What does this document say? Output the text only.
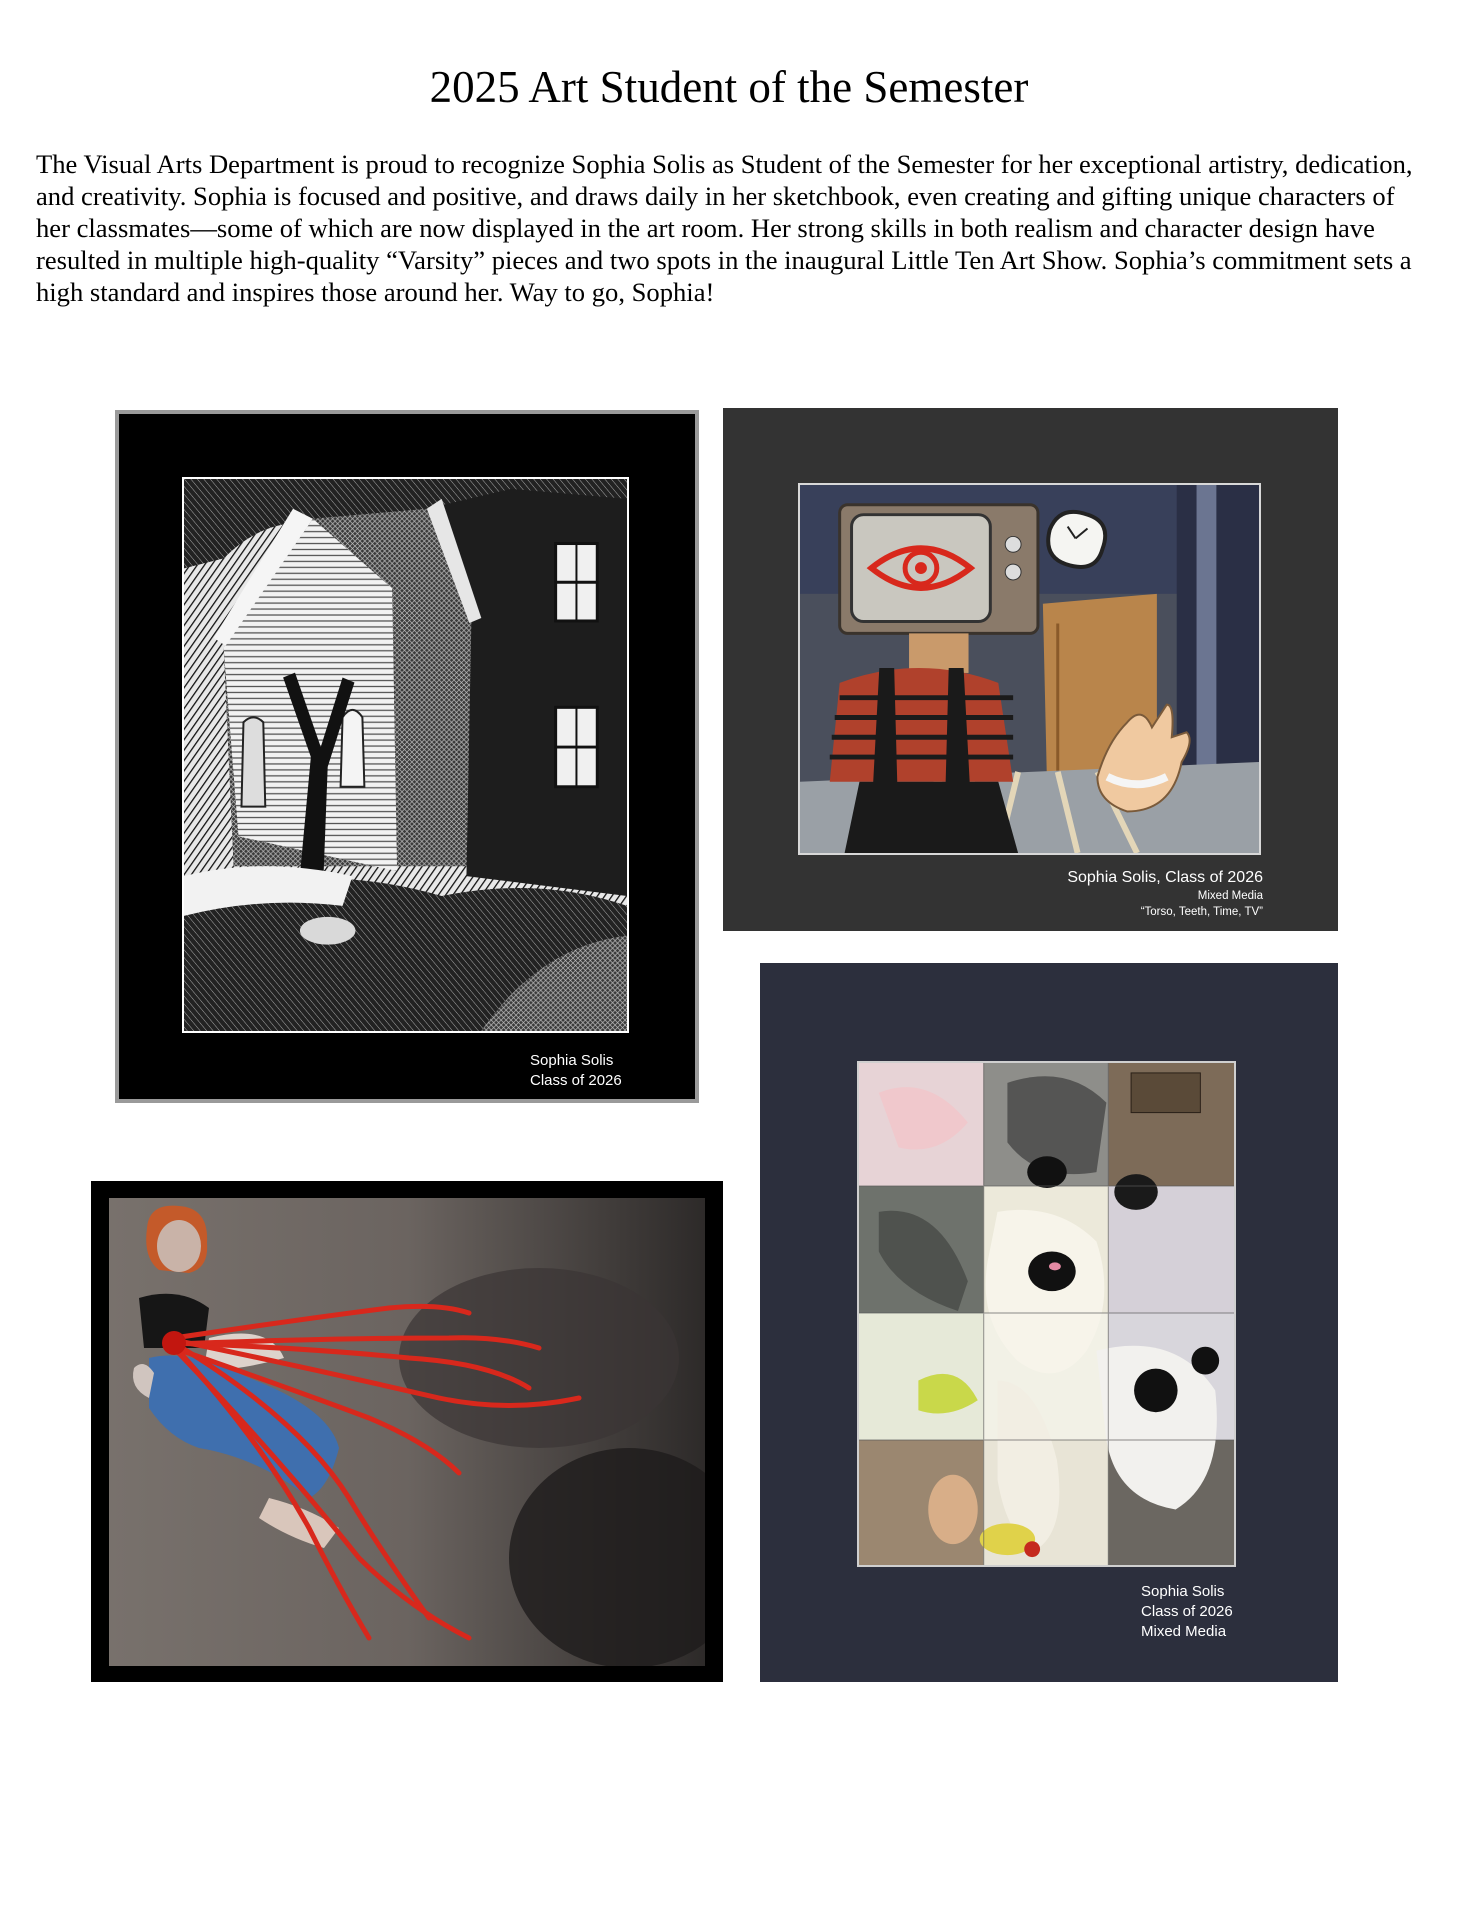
2025 Art Student of the Semester

The Visual Arts Department is proud to recognize Sophia Solis as Student of the Semester for her exceptional artistry, dedication, and creativity. Sophia is focused and positive, and draws daily in her sketchbook, even creating and gifting unique characters of her classmates—some of which are now displayed in the art room. Her strong skills in both realism and character design have resulted in multiple high-quality “Varsity” pieces and two spots in the inaugural Little Ten Art Show. Sophia’s commitment sets a high standard and inspires those around her. Way to go, Sophia!

Sophia Solis
Class of 2026
Sophia Solis, Class of 2026
Mixed Media
“Torso, Teeth, Time, TV”
Sophia Solis
Class of 2026
Mixed Media
